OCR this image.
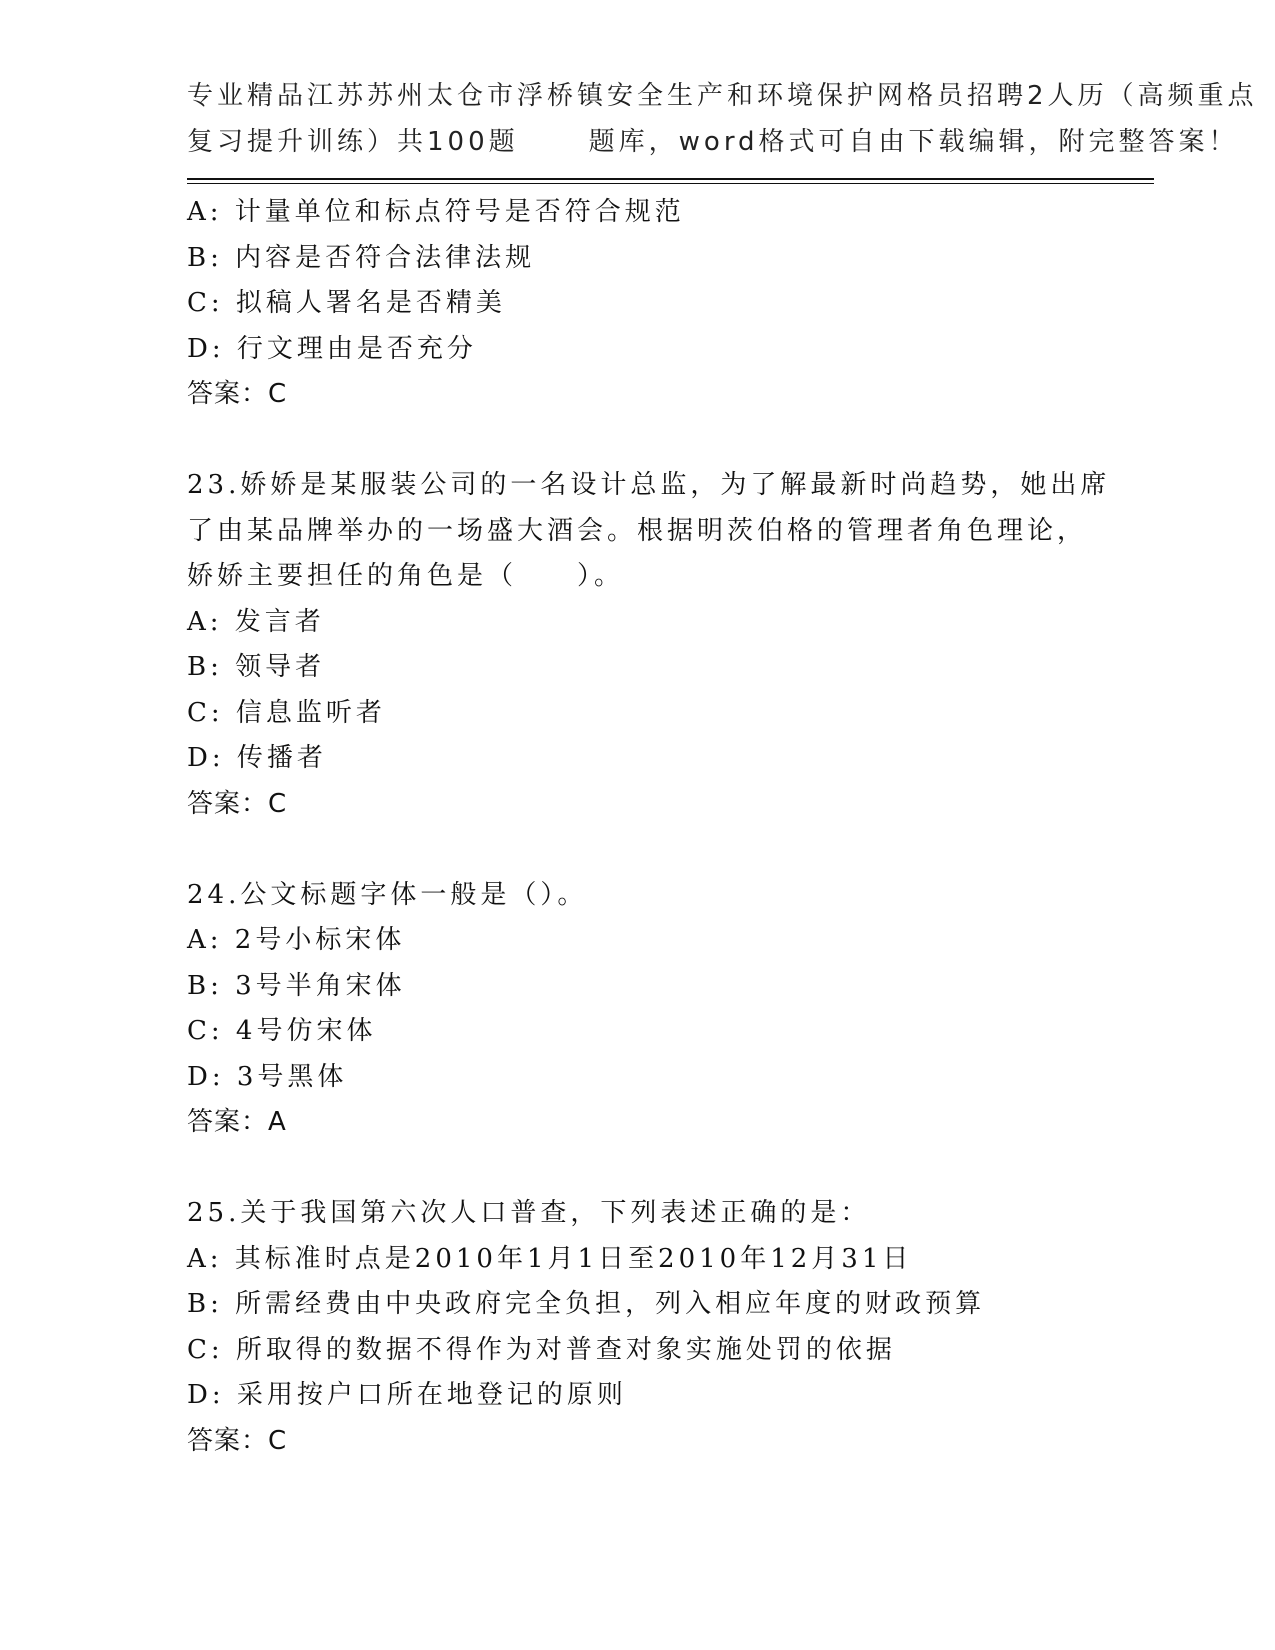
专业精品江苏苏州太仓市浮桥镇安全生产和环境保护网格员招聘2人历（高频重点
复习提升训练）共100题	题库，word格式可自由下载编辑，附完整答案！
A: 计量单位和标点符号是否符合规范
B: 内容是否符合法律法规
C: 拟稿人署名是否精美
D: 行文理由是否充分
答案：C
23.娇娇是某服装公司的一名设计总监，为了解最新时尚趋势，她出席
了由某品牌举办的一场盛大酒会。根据明茨伯格的管理者角色理论，
娇娇主要担任的角色是（　　）。
A: 发言者
B: 领导者
C: 信息监听者
D: 传播者
答案：C
24.公文标题字体一般是（）。
A: 2号小标宋体
B: 3号半角宋体
C: 4号仿宋体
D: 3号黑体
答案：A
25.关于我国第六次人口普查，下列表述正确的是：
A: 其标准时点是2010年1月1日至2010年12月31日
B: 所需经费由中央政府完全负担，列入相应年度的财政预算
C: 所取得的数据不得作为对普查对象实施处罚的依据
D: 采用按户口所在地登记的原则
答案：C
